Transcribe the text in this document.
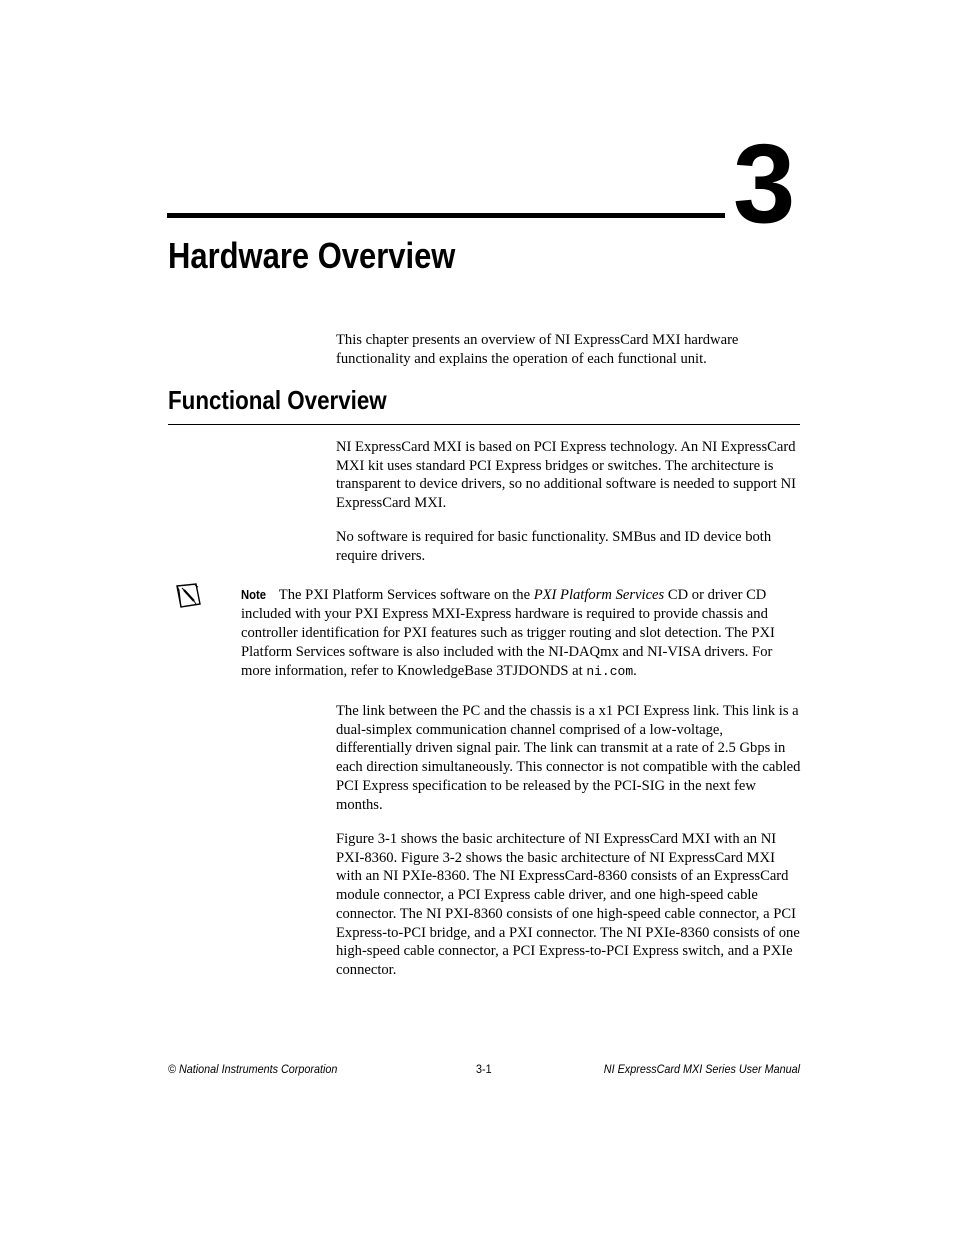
3
Hardware Overview

This chapter presents an overview of NI ExpressCard MXI hardware functionality and explains the operation of each functional unit.

Functional Overview

NI ExpressCard MXI is based on PCI Express technology. An NI ExpressCard MXI kit uses standard PCI Express bridges or switches. The architecture is transparent to device drivers, so no additional software is needed to support NI ExpressCard MXI.

No software is required for basic functionality. SMBus and ID device both require drivers.

Note The PXI Platform Services software on the PXI Platform Services CD or driver CD included with your PXI Express MXI-Express hardware is required to provide chassis and controller identification for PXI features such as trigger routing and slot detection. The PXI Platform Services software is also included with the NI-DAQmx and NI-VISA drivers. For more information, refer to KnowledgeBase 3TJDONDS at ni.com.

The link between the PC and the chassis is a x1 PCI Express link. This link is a dual-simplex communication channel comprised of a low-voltage, differentially driven signal pair. The link can transmit at a rate of 2.5 Gbps in each direction simultaneously. This connector is not compatible with the cabled PCI Express specification to be released by the PCI-SIG in the next few months.

Figure 3-1 shows the basic architecture of NI ExpressCard MXI with an NI PXI-8360. Figure 3-2 shows the basic architecture of NI ExpressCard MXI with an NI PXIe-8360. The NI ExpressCard-8360 consists of an ExpressCard module connector, a PCI Express cable driver, and one high-speed cable connector. The NI PXI-8360 consists of one high-speed cable connector, a PCI Express-to-PCI bridge, and a PXI connector. The NI PXIe-8360 consists of one high-speed cable connector, a PCI Express-to-PCI Express switch, and a PXIe connector.

© National Instruments Corporation	3-1	NI ExpressCard MXI Series User Manual
